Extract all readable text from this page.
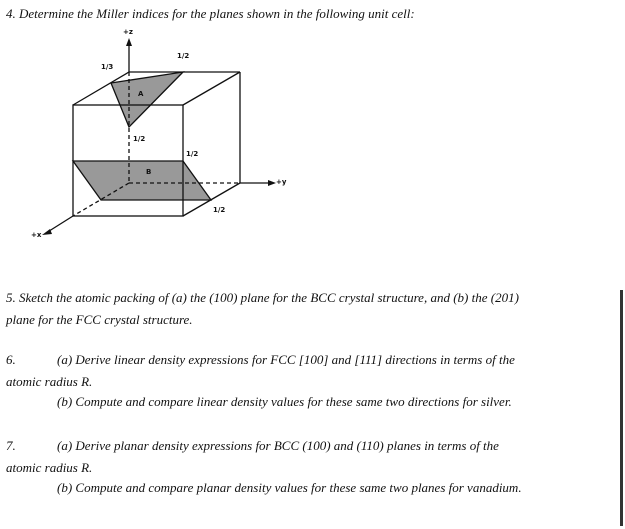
4. Determine the Miller indices for the planes shown in the following unit cell:
+z
+y
+x
A
B
1/3
1/2
1/2
1/2
1/2
5. Sketch the atomic packing of (a) the (100) plane for the BCC crystal structure, and (b) the (201)
plane for the FCC crystal structure.
6.	(a) Derive linear density expressions for FCC [100] and [111] directions in terms of the
atomic radius R.
(b) Compute and compare linear density values for these same two directions for silver.
7.	(a) Derive planar density expressions for BCC (100) and (110) planes in terms of the
atomic radius R.
(b) Compute and compare planar density values for these same two planes for vanadium.
